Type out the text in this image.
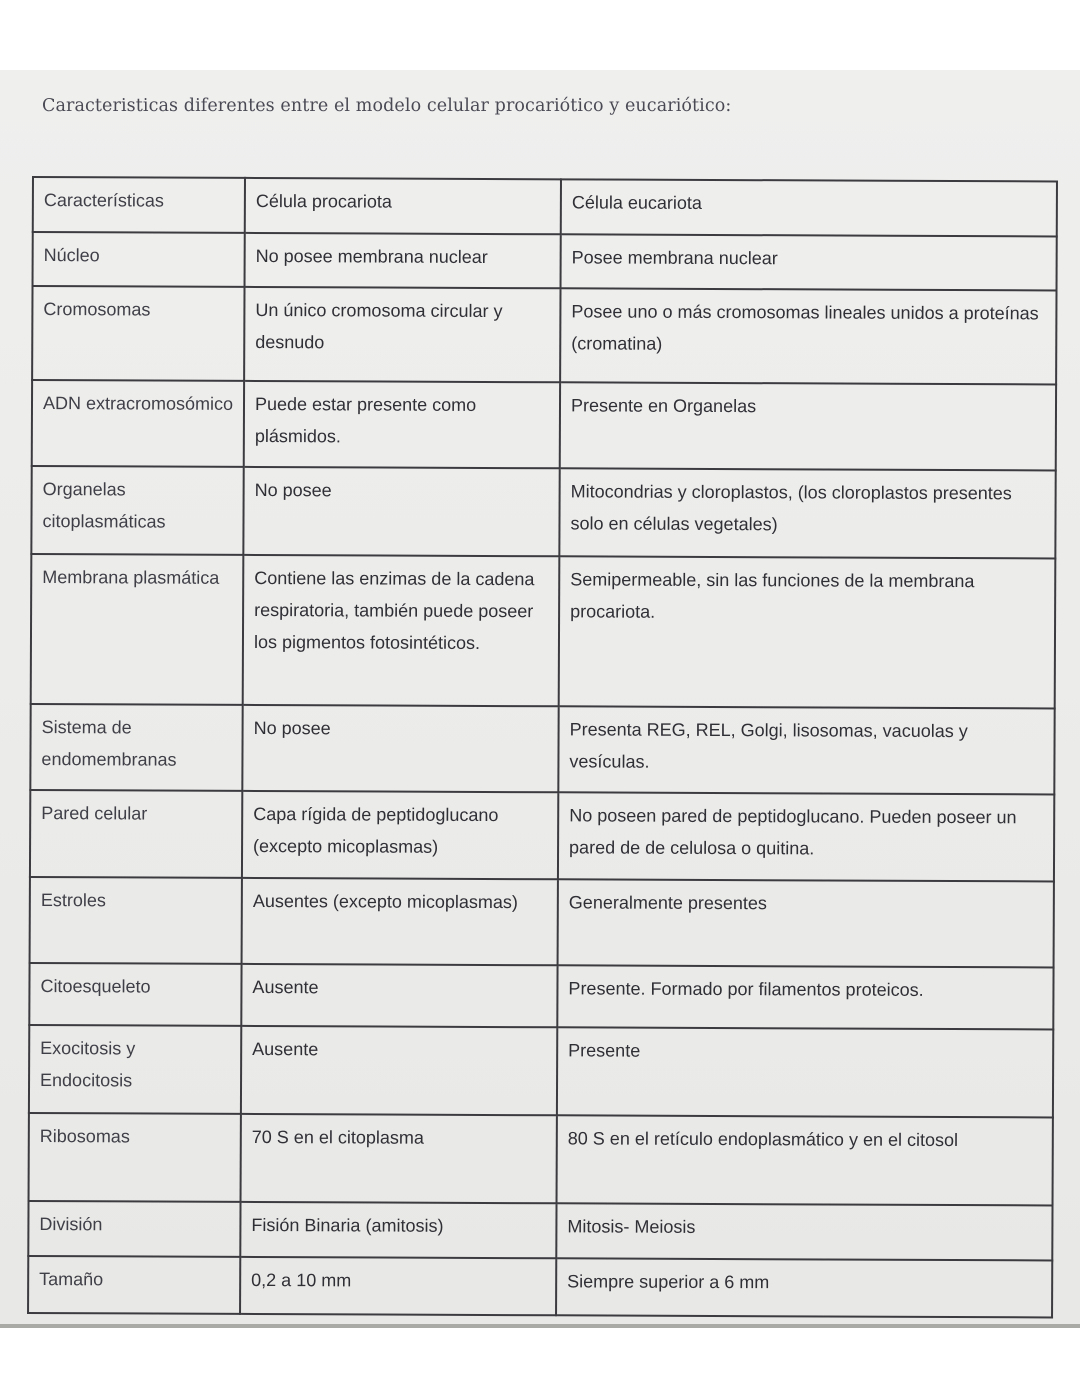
Caracteristicas diferentes entre el modelo celular procariótico y eucariótico:
Características	Célula procariota	Célula eucariota
Núcleo	No posee membrana nuclear	Posee membrana nuclear
Cromosomas	Un único cromosoma circular y desnudo	Posee uno o más cromosomas lineales unidos a proteínas (cromatina)
ADN extracromosómico	Puede estar presente como plásmidos.	Presente en Organelas
Organelas citoplasmáticas	No posee	Mitocondrias y cloroplastos, (los cloroplastos presentes solo en células vegetales)
Membrana plasmática	Contiene las enzimas de la cadena respiratoria, también puede poseer los pigmentos fotosintéticos.	Semipermeable, sin las funciones de la membrana procariota.
Sistema de endomembranas	No posee	Presenta REG, REL, Golgi, lisosomas, vacuolas y vesículas.
Pared celular	Capa rígida de peptidoglucano (excepto micoplasmas)	No poseen pared de peptidoglucano. Pueden poseer un pared de de celulosa o quitina.
Estroles	Ausentes (excepto micoplasmas)	Generalmente presentes
Citoesqueleto	Ausente	Presente. Formado por filamentos proteicos.
Exocitosis y Endocitosis	Ausente	Presente
Ribosomas	70 S en el citoplasma	80 S en el retículo endoplasmático y en el citosol
División	Fisión Binaria (amitosis)	Mitosis- Meiosis
Tamaño	0,2 a 10 mm	Siempre superior a 6 mm
